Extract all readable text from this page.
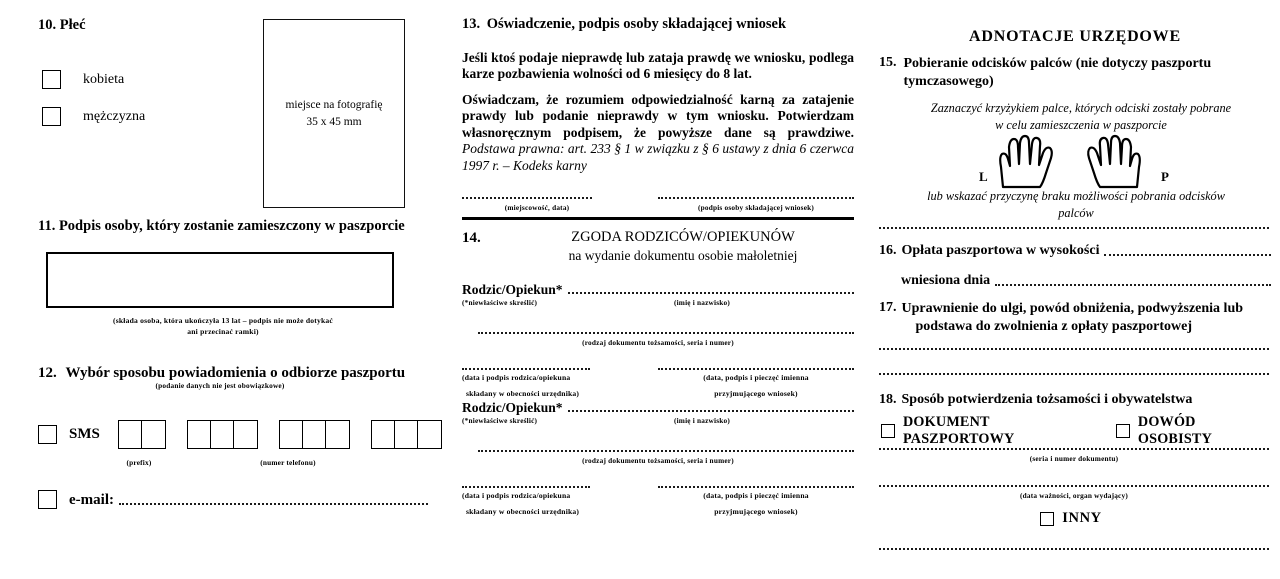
10. Płeć
kobieta
mężczyzna
miejsce na fotografię
35 x 45 mm
11. Podpis osoby, który zostanie zamieszczony w paszporcie
(składa osoba, która ukończyła 13 lat – podpis nie może dotykać
ani przecinać ramki)
12. Wybór sposobu powiadomienia o odbiorze paszportu
(podanie danych nie jest obowiązkowe)
SMS
(prefix)	(numer telefonu)
e-mail:
13. Oświadczenie, podpis osoby składającej wniosek
Jeśli ktoś podaje nieprawdę lub zataja prawdę we wniosku, podlega karze pozbawienia wolności od 6 miesięcy do 8 lat.
Oświadczam, że rozumiem odpowiedzialność karną za zatajenie prawdy lub podanie nieprawdy w tym wniosku. Potwierdzam własnoręcznym podpisem, że powyższe dane są prawdziwe. Podstawa prawna: art. 233 § 1 w związku z § 6 ustawy z dnia 6 czerwca 1997 r. – Kodeks karny
(miejscowość, data)	(podpis osoby składającej wniosek)
14.	ZGODA RODZICÓW/OPIEKUNÓW
na wydanie dokumentu osobie małoletniej
Rodzic/Opiekun*
(*niewłaściwe skreślić)	(imię i nazwisko)
(rodzaj dokumentu tożsamości, seria i numer)
(data i podpis rodzica/opiekuna
składany w obecności urzędnika)
(data, podpis i pieczęć imienna
przyjmującego wniosek)
Rodzic/Opiekun*
(*niewłaściwe skreślić)	(imię i nazwisko)
(rodzaj dokumentu tożsamości, seria i numer)
(data i podpis rodzica/opiekuna
składany w obecności urzędnika)
(data, podpis i pieczęć imienna
przyjmującego wniosek)
ADNOTACJE URZĘDOWE
15. Pobieranie odcisków palców (nie dotyczy paszportu
tymczasowego)
Zaznaczyć krzyżykiem palce, których odciski zostały pobrane
w celu zamieszczenia w paszporcie
L	P
lub wskazać przyczynę braku możliwości pobrania odcisków
palców
16. Opłata paszportowa w wysokości
wniesiona dnia
17. Uprawnienie do ulgi, powód obniżenia, podwyższenia lub
podstawa do zwolnienia z opłaty paszportowej
18. Sposób potwierdzenia tożsamości i obywatelstwa
DOKUMENT PASZPORTOWY
DOWÓD OSOBISTY
(seria i numer dokumentu)
(data ważności, organ wydający)
INNY
